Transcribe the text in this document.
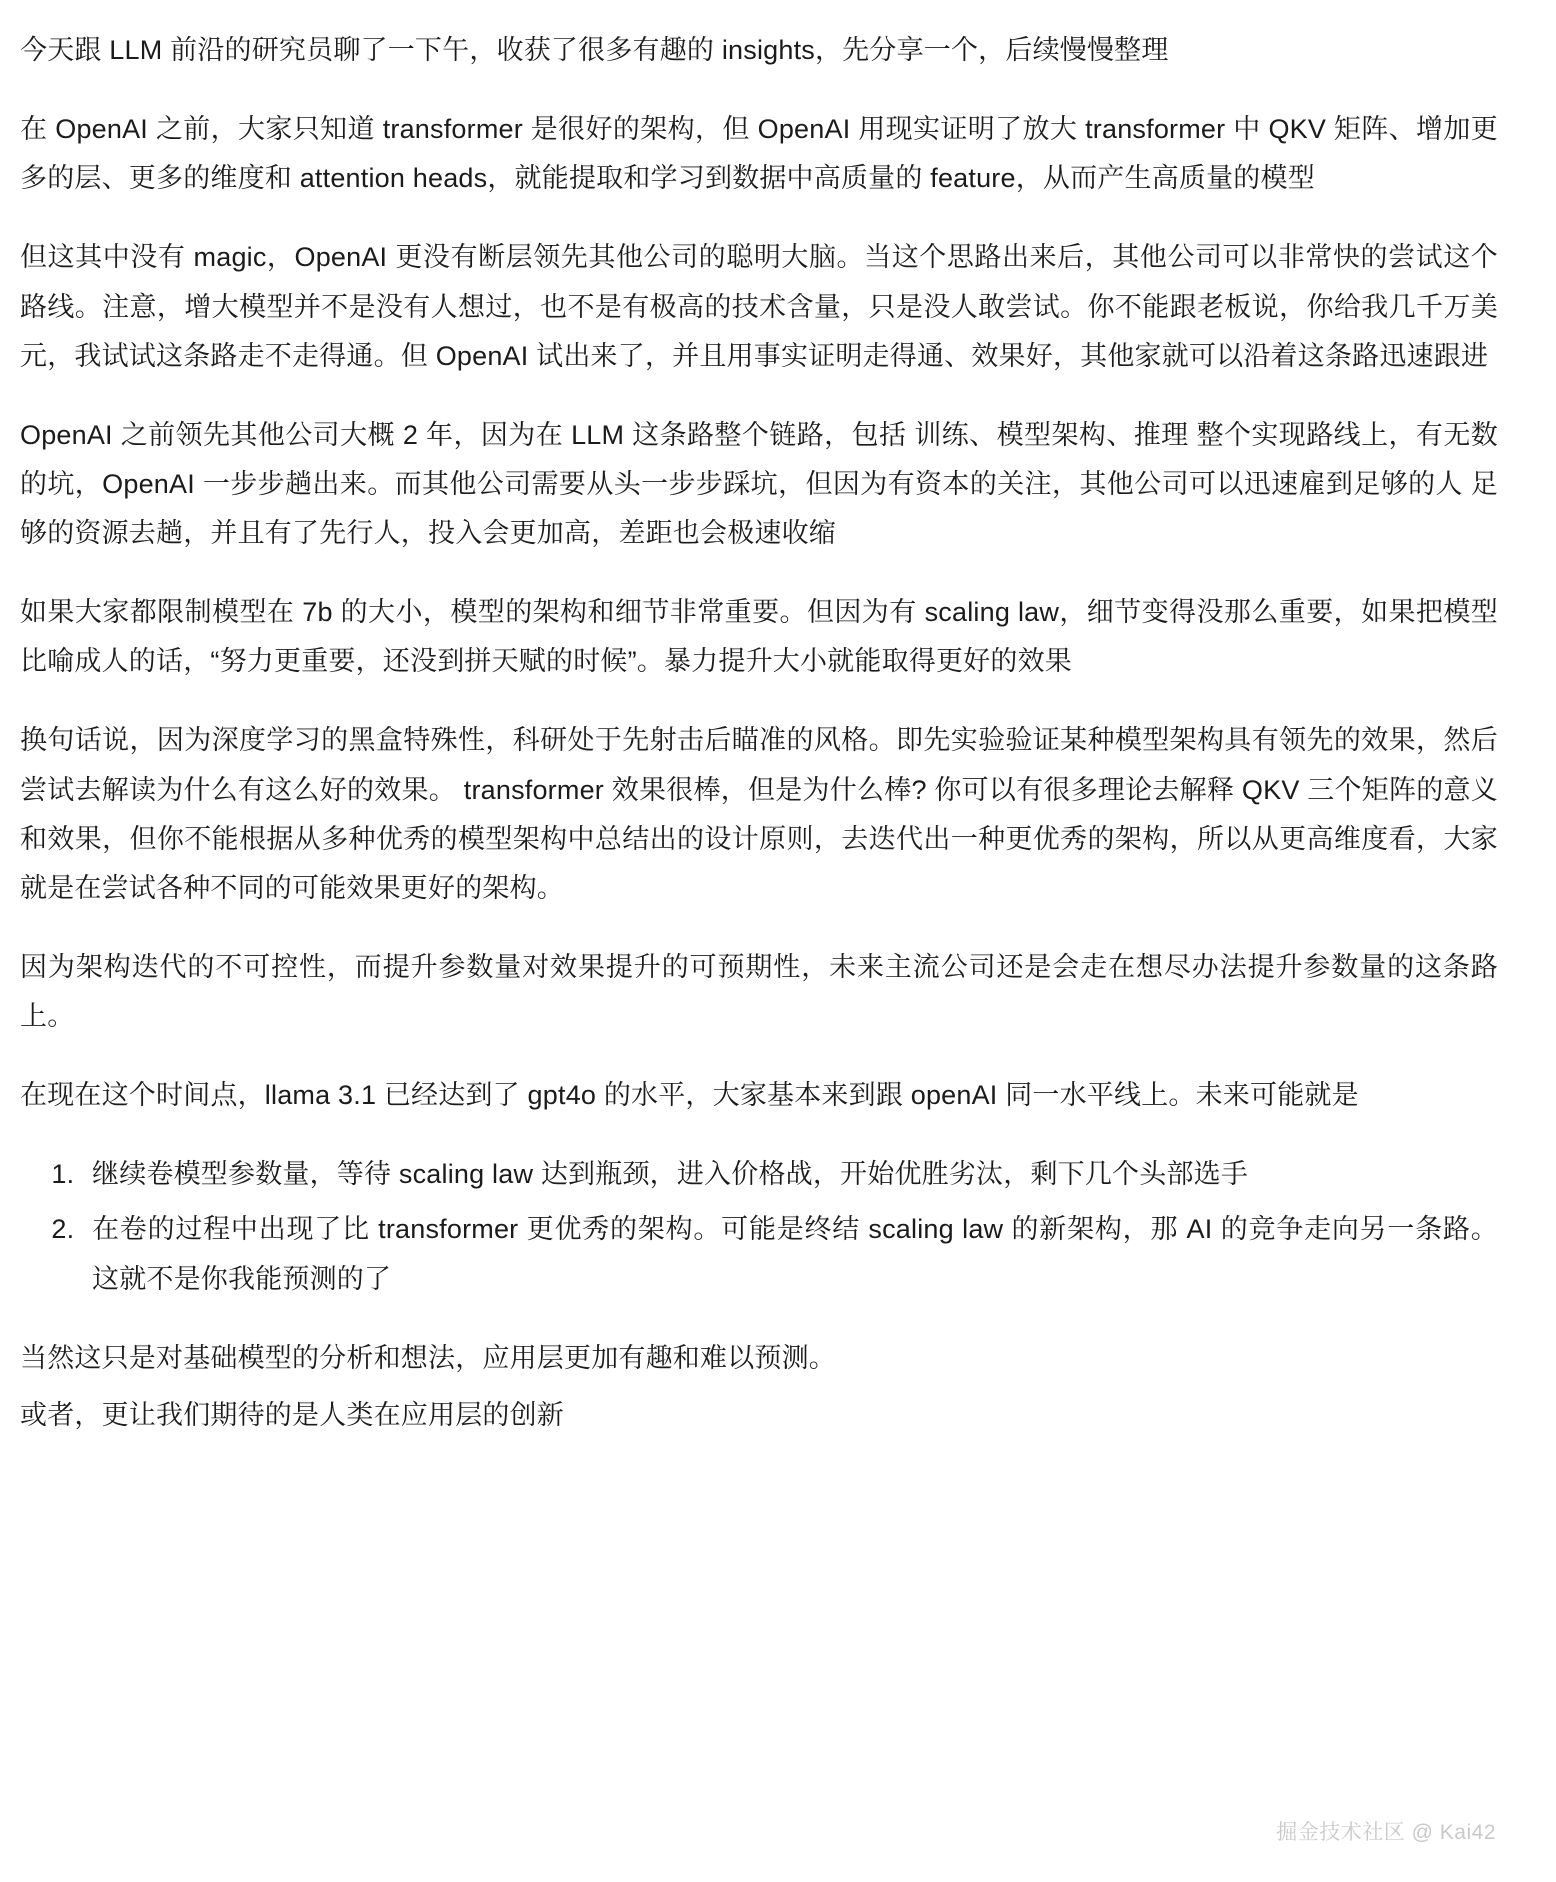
今天跟 LLM 前沿的研究员聊了一下午，收获了很多有趣的 insights，先分享一个，后续慢慢整理

在 OpenAI 之前，大家只知道 transformer 是很好的架构，但 OpenAI 用现实证明了放大 transformer 中 QKV 矩阵、增加更多的层、更多的维度和 attention heads，就能提取和学习到数据中高质量的 feature，从而产生高质量的模型

但这其中没有 magic，OpenAI 更没有断层领先其他公司的聪明大脑。当这个思路出来后，其他公司可以非常快的尝试这个路线。注意，增大模型并不是没有人想过，也不是有极高的技术含量，只是没人敢尝试。你不能跟老板说，你给我几千万美元，我试试这条路走不走得通。但 OpenAI 试出来了，并且用事实证明走得通、效果好，其他家就可以沿着这条路迅速跟进

OpenAI 之前领先其他公司大概 2 年，因为在 LLM 这条路整个链路，包括 训练、模型架构、推理 整个实现路线上，有无数的坑，OpenAI 一步步趟出来。而其他公司需要从头一步步踩坑，但因为有资本的关注，其他公司可以迅速雇到足够的人 足够的资源去趟，并且有了先行人，投入会更加高，差距也会极速收缩

如果大家都限制模型在 7b 的大小，模型的架构和细节非常重要。但因为有 scaling law，细节变得没那么重要，如果把模型比喻成人的话，“努力更重要，还没到拼天赋的时候”。暴力提升大小就能取得更好的效果

换句话说，因为深度学习的黑盒特殊性，科研处于先射击后瞄准的风格。即先实验验证某种模型架构具有领先的效果，然后尝试去解读为什么有这么好的效果。 transformer 效果很棒，但是为什么棒? 你可以有很多理论去解释 QKV 三个矩阵的意义和效果，但你不能根据从多种优秀的模型架构中总结出的设计原则，去迭代出一种更优秀的架构，所以从更高维度看，大家就是在尝试各种不同的可能效果更好的架构。

因为架构迭代的不可控性，而提升参数量对效果提升的可预期性，未来主流公司还是会走在想尽办法提升参数量的这条路上。

在现在这个时间点，llama 3.1 已经达到了 gpt4o 的水平，大家基本来到跟 openAI 同一水平线上。未来可能就是

1. 继续卷模型参数量，等待 scaling law 达到瓶颈，进入价格战，开始优胜劣汰，剩下几个头部选手
2. 在卷的过程中出现了比 transformer 更优秀的架构。可能是终结 scaling law 的新架构，那 AI 的竞争走向另一条路。这就不是你我能预测的了

当然这只是对基础模型的分析和想法，应用层更加有趣和难以预测。

或者，更让我们期待的是人类在应用层的创新

掘金技术社区 @ Kai42
